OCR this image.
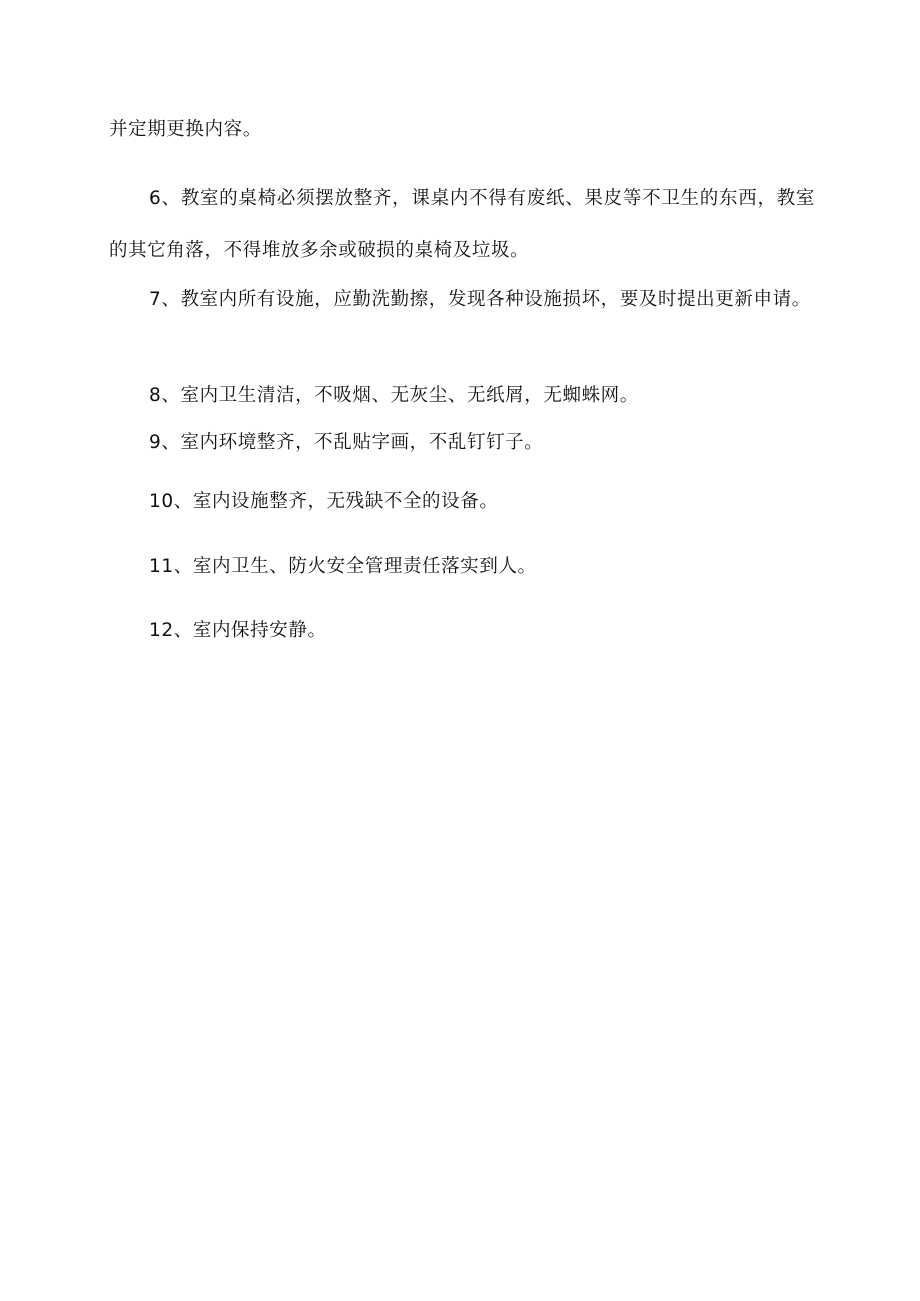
并定期更换内容。

6、教室的桌椅必须摆放整齐，课桌内不得有废纸、果皮等不卫生的东西，教室的其它角落，不得堆放多余或破损的桌椅及垃圾。

7、教室内所有设施，应勤洗勤擦，发现各种设施损坏，要及时提出更新申请。

8、室内卫生清洁，不吸烟、无灰尘、无纸屑，无蜘蛛网。

9、室内环境整齐，不乱贴字画，不乱钉钉子。

10、室内设施整齐，无残缺不全的设备。

11、室内卫生、防火安全管理责任落实到人。

12、室内保持安静。
